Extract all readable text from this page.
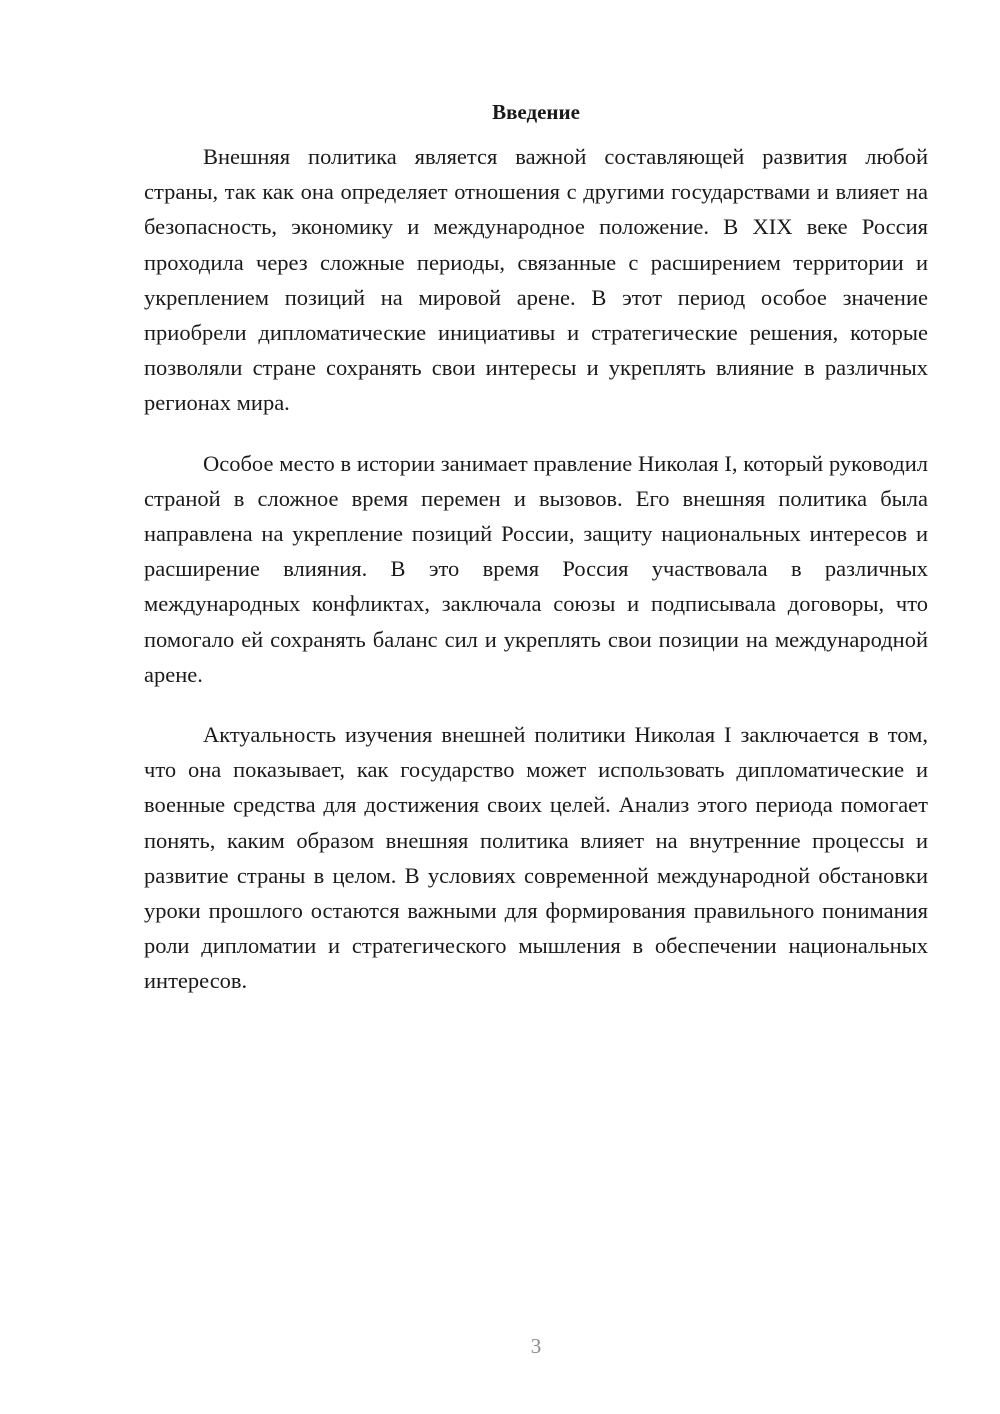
Введение

Внешняя политика является важной составляющей развития любой страны, так как она определяет отношения с другими государствами и влияет на безопасность, экономику и международное положение. В XIX веке Россия проходила через сложные периоды, связанные с расширением территории и укреплением позиций на мировой арене. В этот период особое значение приобрели дипломатические инициативы и стратегические решения, которые позволяли стране сохранять свои интересы и укреплять влияние в различных регионах мира.

Особое место в истории занимает правление Николая I, который руководил страной в сложное время перемен и вызовов. Его внешняя политика была направлена на укрепление позиций России, защиту национальных интересов и расширение влияния. В это время Россия участвовала в различных международных конфликтах, заключала союзы и подписывала договоры, что помогало ей сохранять баланс сил и укреплять свои позиции на международной арене.

Актуальность изучения внешней политики Николая I заключается в том, что она показывает, как государство может использовать дипломатические и военные средства для достижения своих целей. Анализ этого периода помогает понять, каким образом внешняя политика влияет на внутренние процессы и развитие страны в целом. В условиях современной международной обстановки уроки прошлого остаются важными для формирования правильного понимания роли дипломатии и стратегического мышления в обеспечении национальных интересов.

3
